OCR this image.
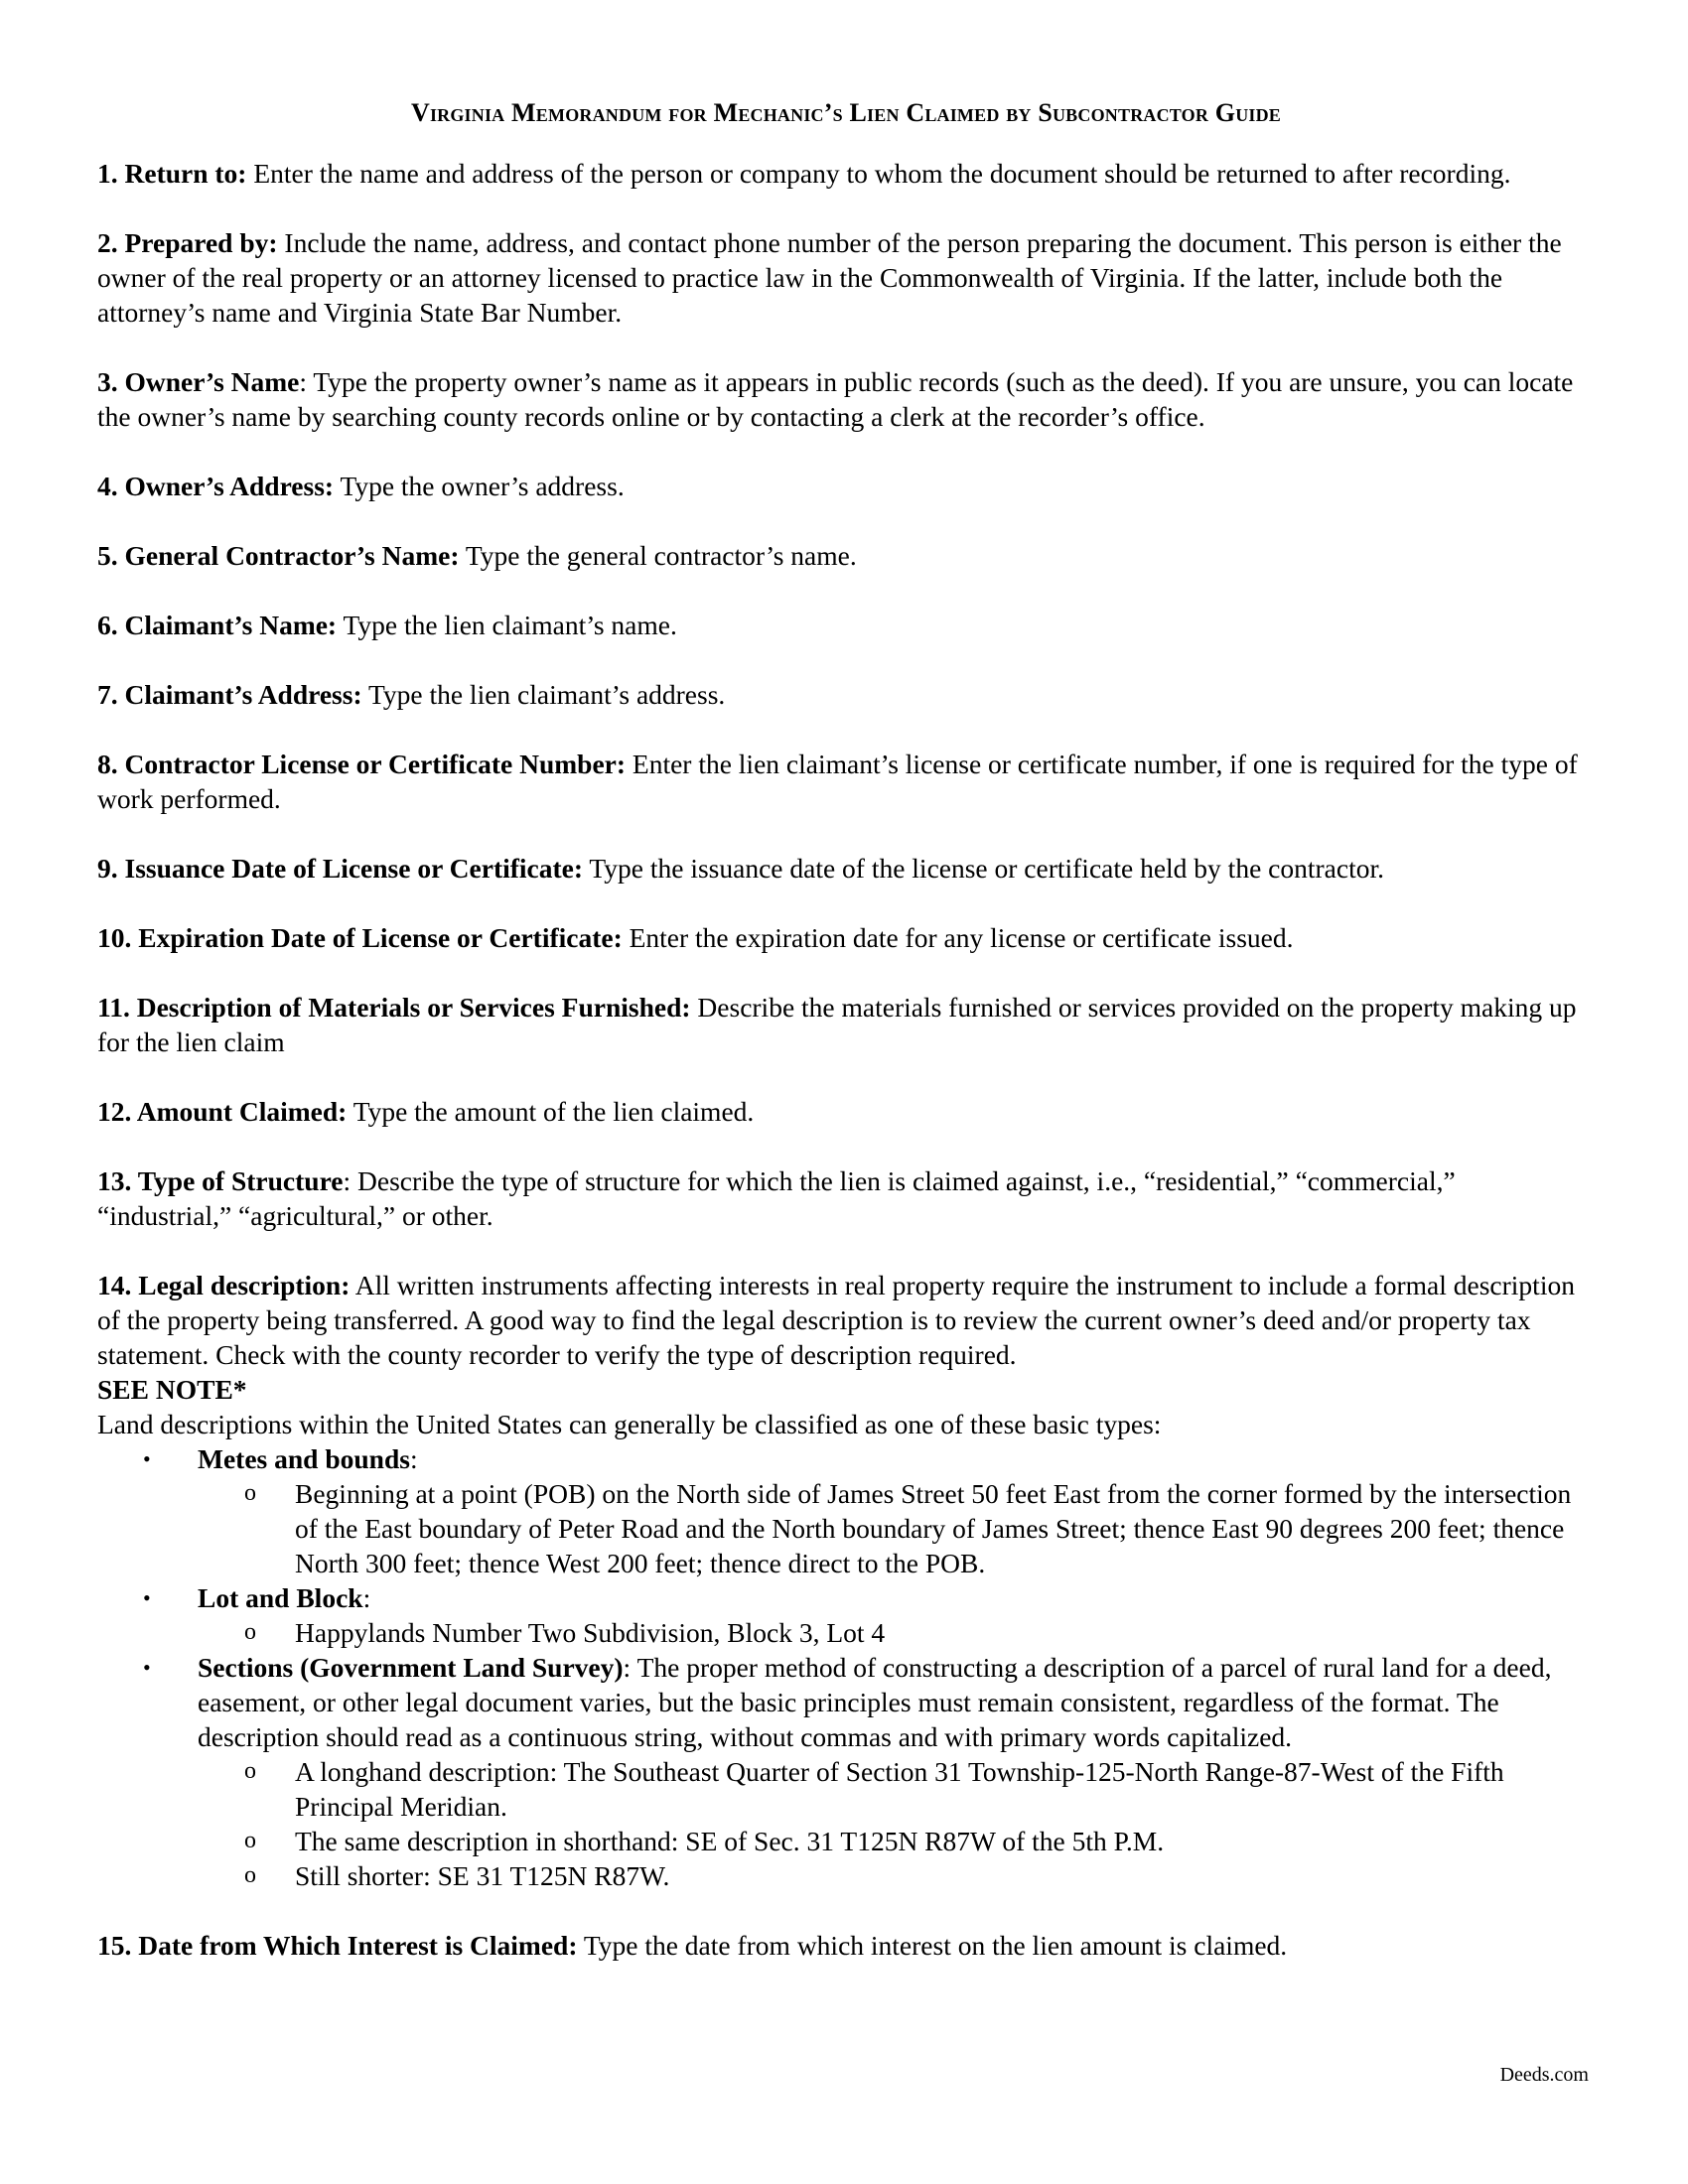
Virginia Memorandum for Mechanic’s Lien Claimed by Subcontractor Guide
1. Return to: Enter the name and address of the person or company to whom the document should be returned to after recording.
2. Prepared by: Include the name, address, and contact phone number of the person preparing the document. This person is either the owner of the real property or an attorney licensed to practice law in the Commonwealth of Virginia. If the latter, include both the attorney’s name and Virginia State Bar Number.
3. Owner’s Name: Type the property owner’s name as it appears in public records (such as the deed). If you are unsure, you can locate the owner’s name by searching county records online or by contacting a clerk at the recorder’s office.
4. Owner’s Address: Type the owner’s address.
5. General Contractor’s Name: Type the general contractor’s name.
6. Claimant’s Name: Type the lien claimant’s name.
7. Claimant’s Address: Type the lien claimant’s address.
8. Contractor License or Certificate Number: Enter the lien claimant’s license or certificate number, if one is required for the type of work performed.
9. Issuance Date of License or Certificate: Type the issuance date of the license or certificate held by the contractor.
10. Expiration Date of License or Certificate: Enter the expiration date for any license or certificate issued.
11. Description of Materials or Services Furnished: Describe the materials furnished or services provided on the property making up for the lien claim
12. Amount Claimed: Type the amount of the lien claimed.
13. Type of Structure: Describe the type of structure for which the lien is claimed against, i.e., “residential,” “commercial,” “industrial,” “agricultural,” or other.
14. Legal description: All written instruments affecting interests in real property require the instrument to include a formal description of the property being transferred. A good way to find the legal description is to review the current owner’s deed and/or property tax statement. Check with the county recorder to verify the type of description required.
SEE NOTE*
Land descriptions within the United States can generally be classified as one of these basic types:
• Metes and bounds:
o Beginning at a point (POB) on the North side of James Street 50 feet East from the corner formed by the intersection of the East boundary of Peter Road and the North boundary of James Street; thence East 90 degrees 200 feet; thence North 300 feet; thence West 200 feet; thence direct to the POB.
• Lot and Block:
o Happylands Number Two Subdivision, Block 3, Lot 4
• Sections (Government Land Survey): The proper method of constructing a description of a parcel of rural land for a deed, easement, or other legal document varies, but the basic principles must remain consistent, regardless of the format. The description should read as a continuous string, without commas and with primary words capitalized.
o A longhand description: The Southeast Quarter of Section 31 Township-125-North Range-87-West of the Fifth Principal Meridian.
o The same description in shorthand: SE of Sec. 31 T125N R87W of the 5th P.M.
o Still shorter: SE 31 T125N R87W.
15. Date from Which Interest is Claimed: Type the date from which interest on the lien amount is claimed.
Deeds.com
